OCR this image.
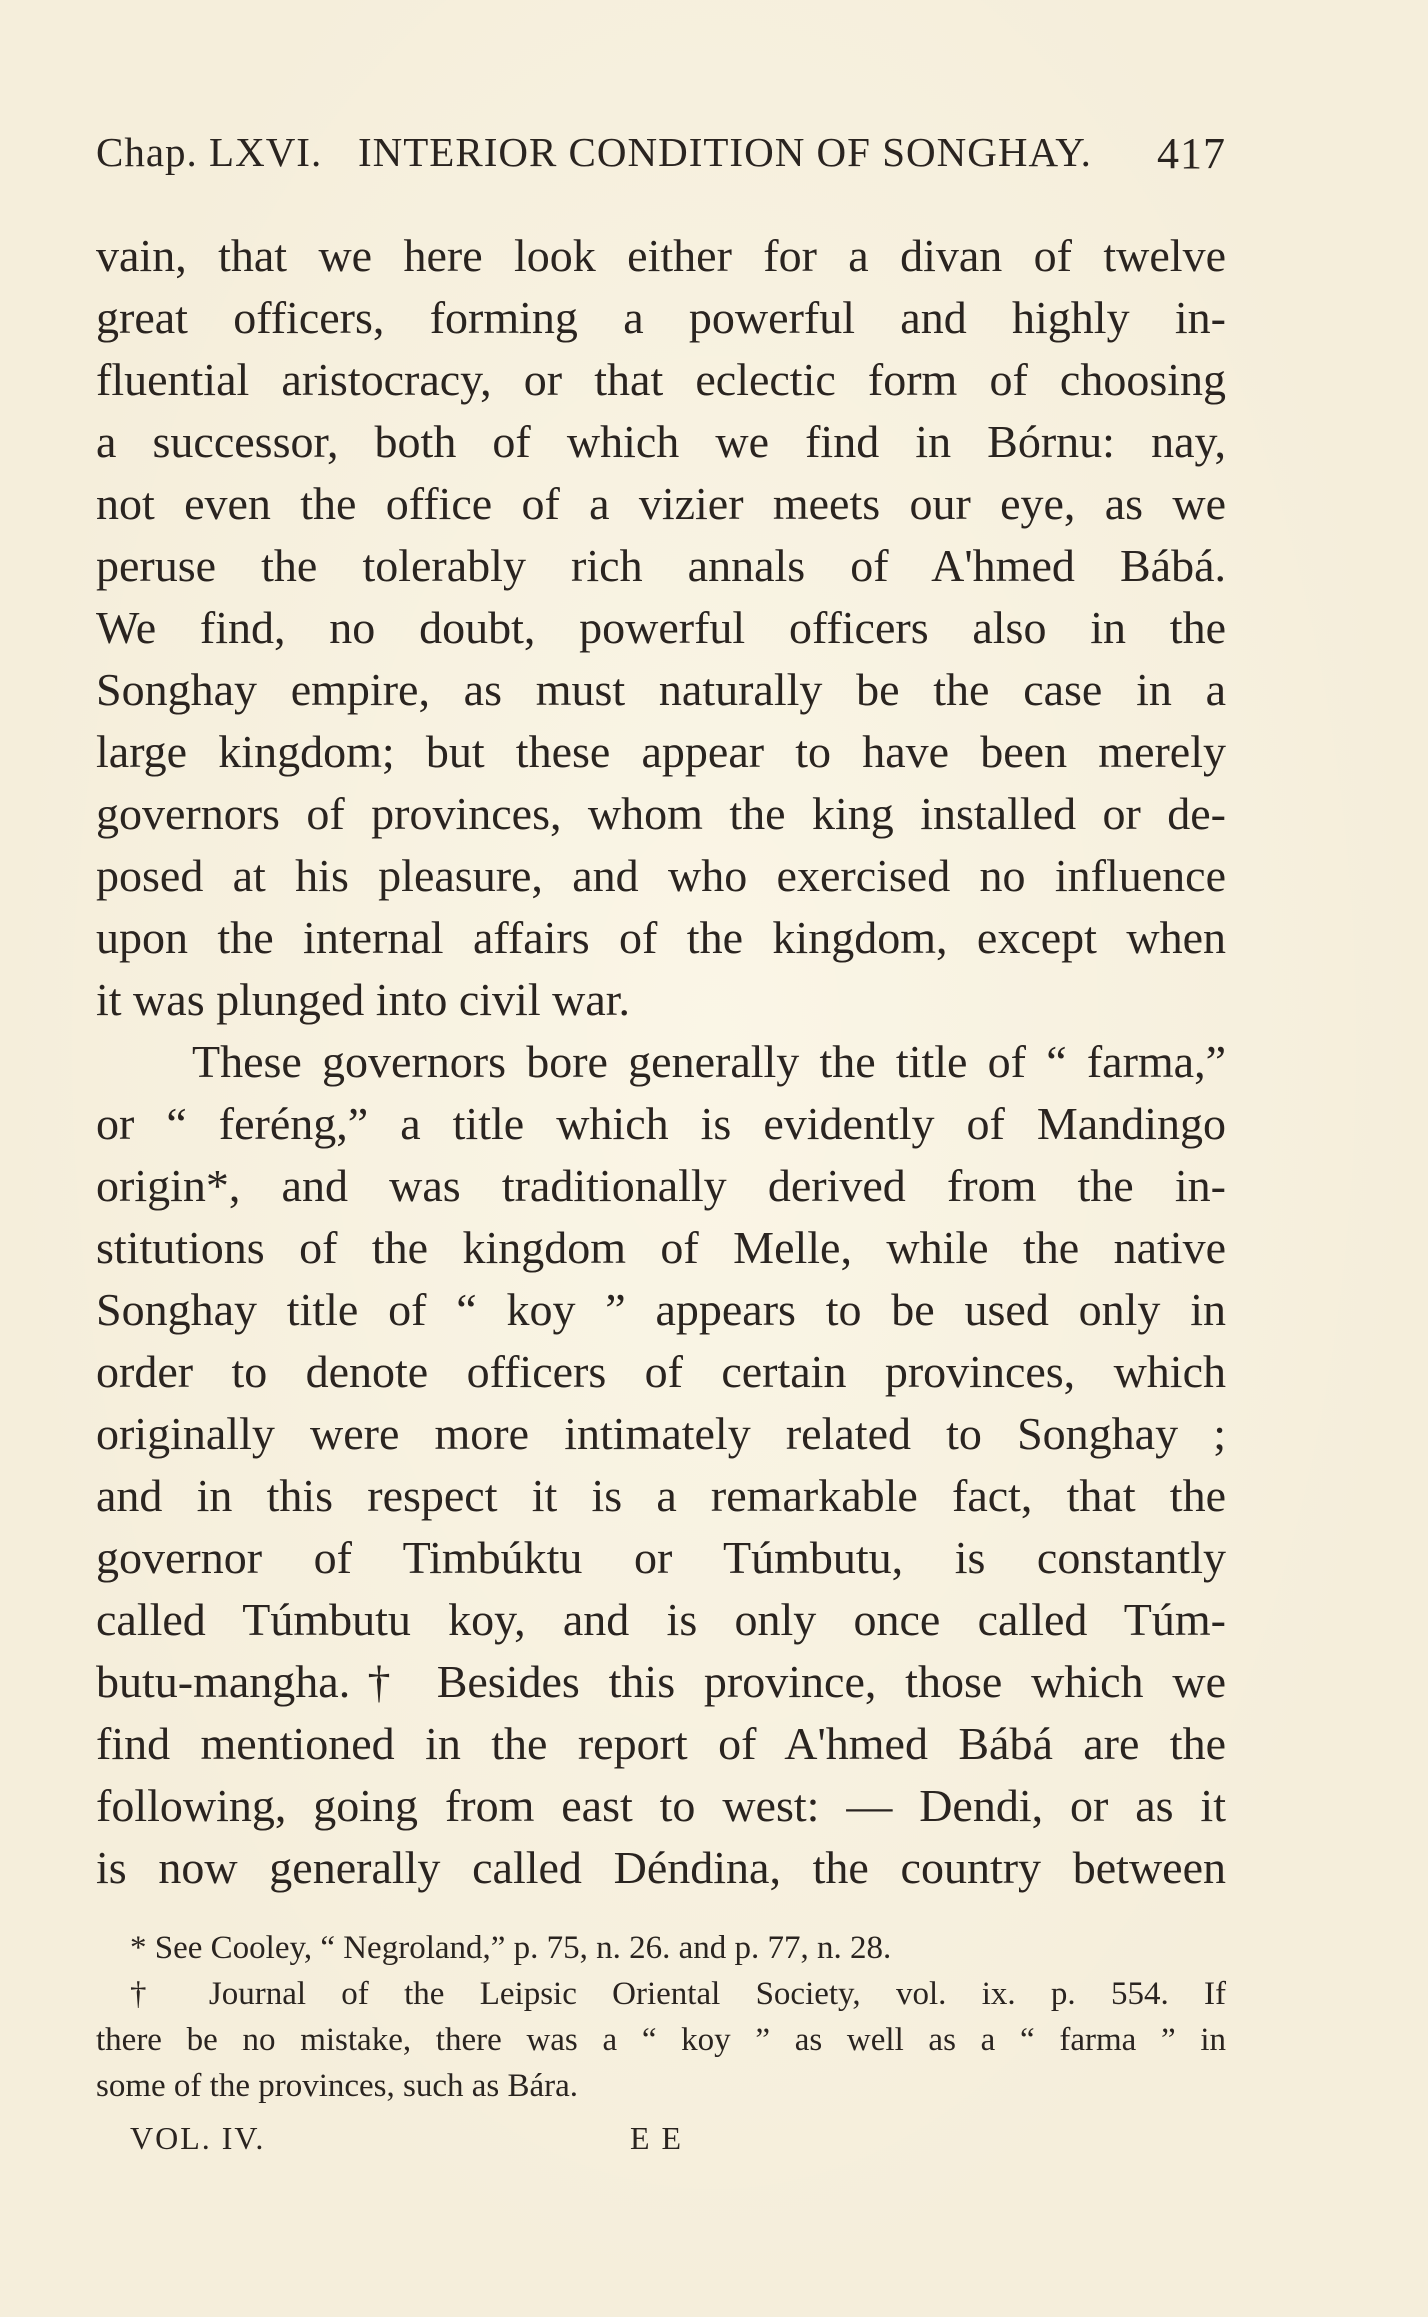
Chap. LXVI. INTERIOR CONDITION OF SONGHAY. 417
vain, that we here look either for a divan of twelve
great officers, forming a powerful and highly in-
fluential aristocracy, or that eclectic form of choosing
a successor, both of which we find in Bórnu: nay,
not even the office of a vizier meets our eye, as we
peruse the tolerably rich annals of A'hmed Bábá.
We find, no doubt, powerful officers also in the
Songhay empire, as must naturally be the case in a
large kingdom; but these appear to have been merely
governors of provinces, whom the king installed or de-
posed at his pleasure, and who exercised no influence
upon the internal affairs of the kingdom, except when
it was plunged into civil war.
These governors bore generally the title of “ farma,”
or “ feréng,” a title which is evidently of Mandingo
origin*, and was traditionally derived from the in-
stitutions of the kingdom of Melle, while the native
Songhay title of “ koy ” appears to be used only in
order to denote officers of certain provinces, which
originally were more intimately related to Songhay ;
and in this respect it is a remarkable fact, that the
governor of Timbúktu or Túmbutu, is constantly
called Túmbutu koy, and is only once called Túm-
butu-mangha.† Besides this province, those which we
find mentioned in the report of A'hmed Bábá are the
following, going from east to west: — Dendi, or as it
is now generally called Déndina, the country between
* See Cooley, “ Negroland,” p. 75, n. 26. and p. 77, n. 28.
† Journal of the Leipsic Oriental Society, vol. ix. p. 554. If
there be no mistake, there was a “ koy ” as well as a “ farma ” in
some of the provinces, such as Bára.
VOL. IV.	E E
